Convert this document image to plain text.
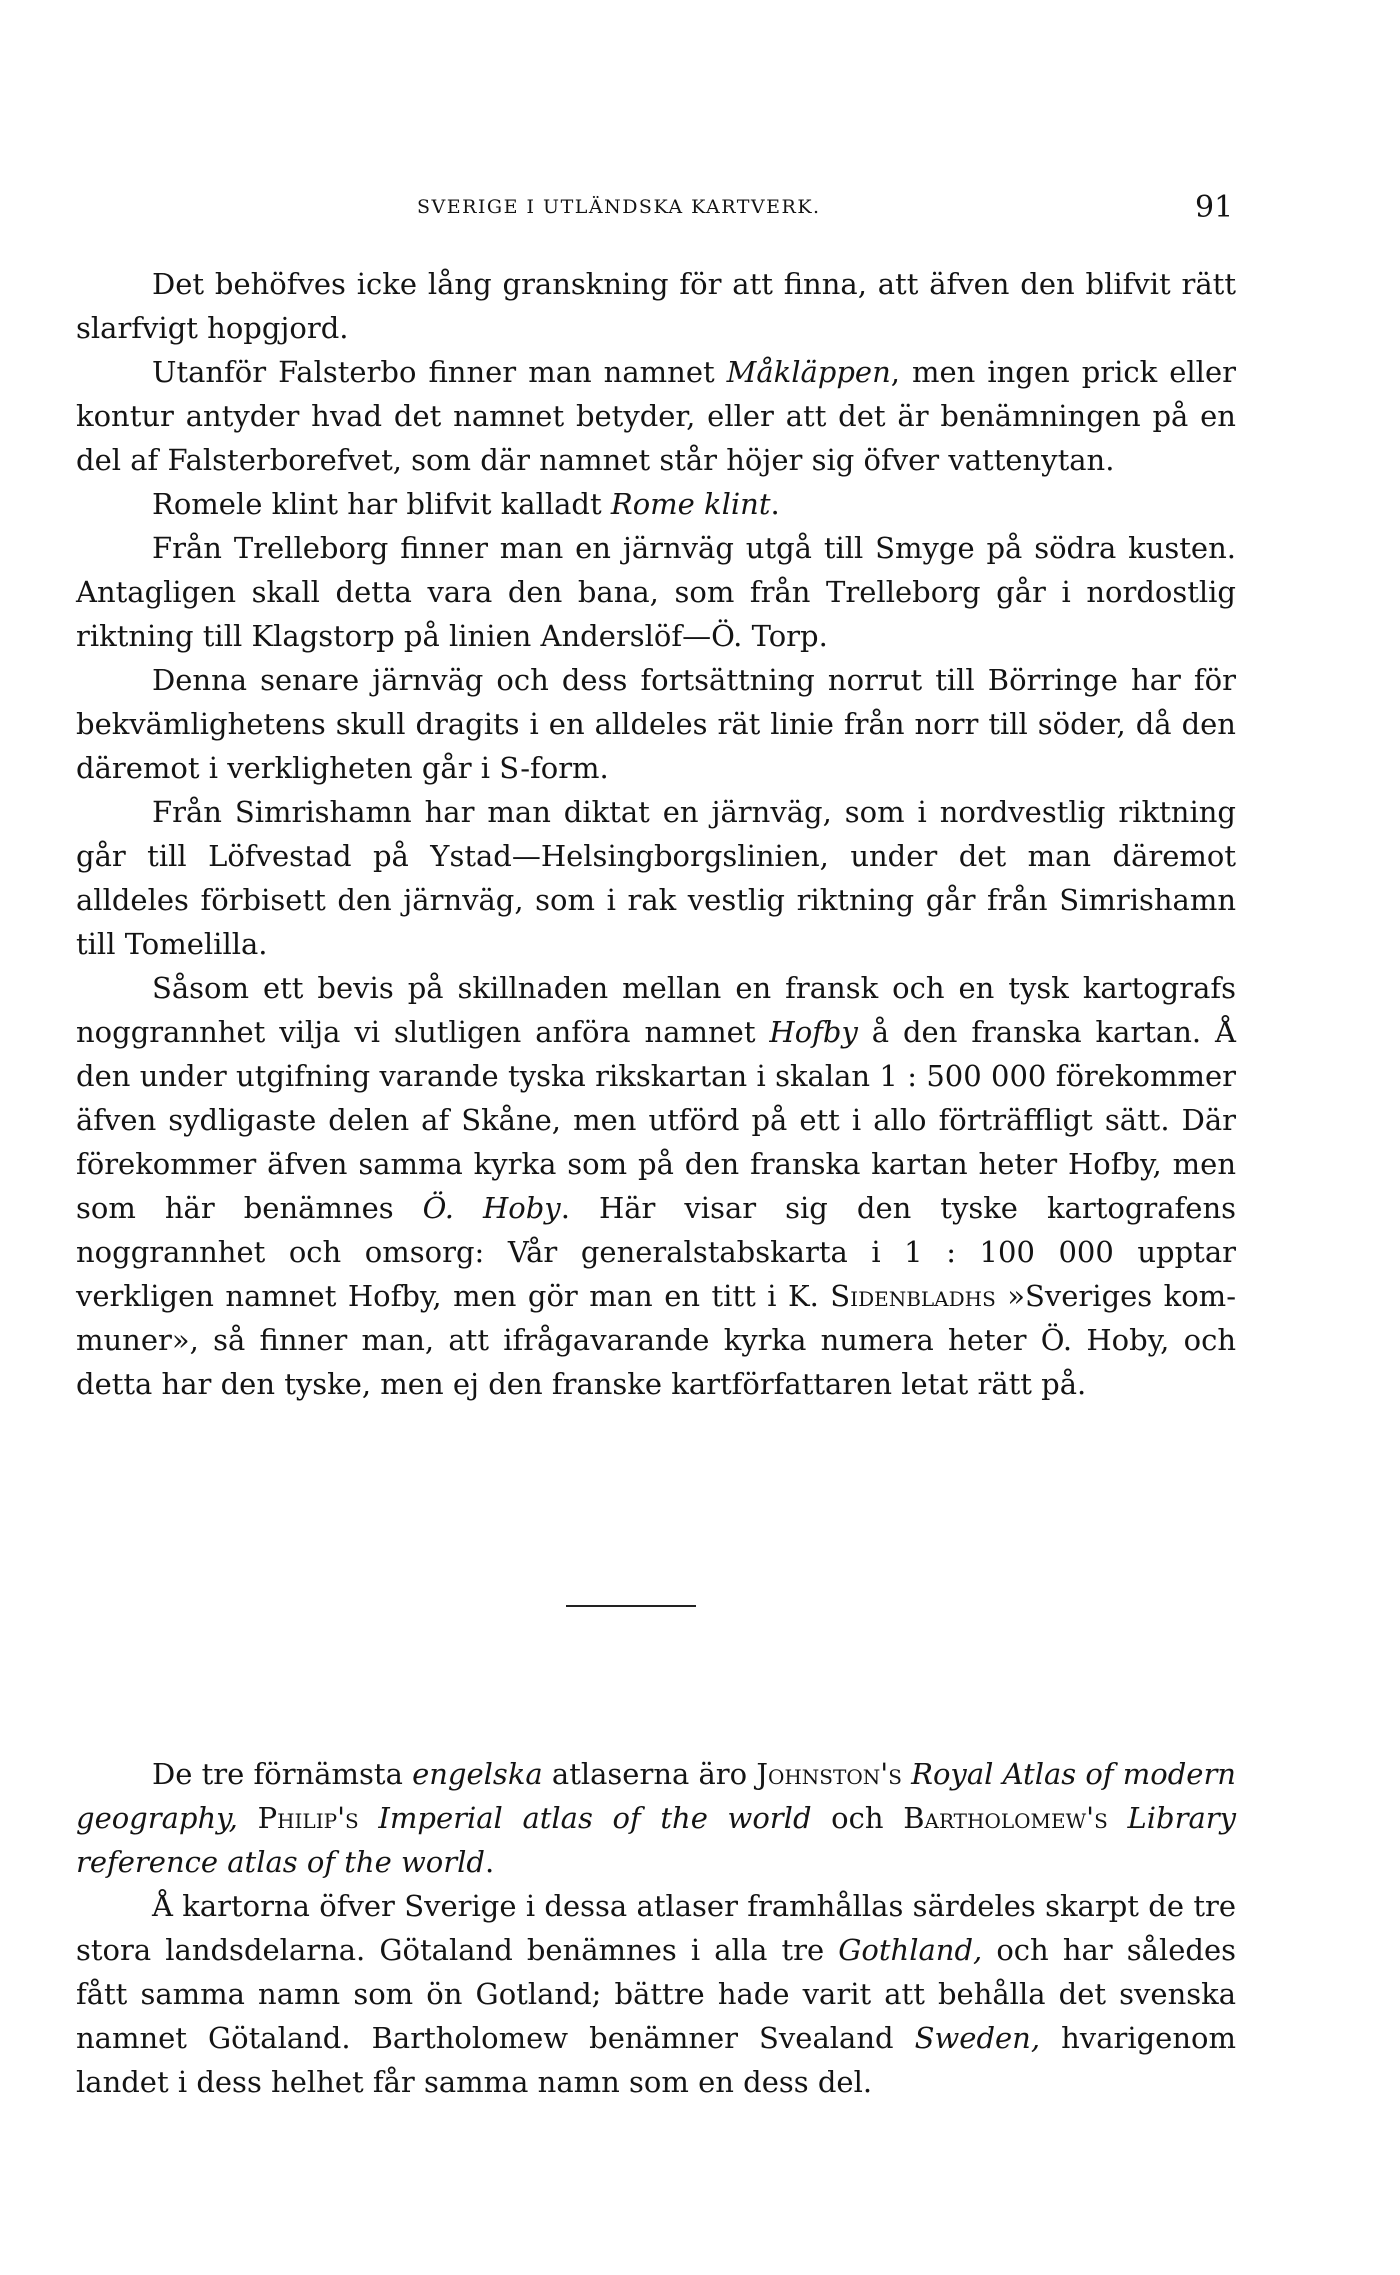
SVERIGE I UTLÄNDSKA KARTVERK.	91

Det behöfves icke lång granskning för att finna, att äfven den blifvit rätt slarfvigt hopgjord.

Utanför Falsterbo finner man namnet Måkläppen, men ingen prick eller kontur antyder hvad det namnet betyder, eller att det är benämningen på en del af Falsterborefvet, som där namnet står höjer sig öfver vattenytan.

Romele klint har blifvit kalladt Rome klint.

Från Trelleborg finner man en järnväg utgå till Smyge på södra kusten. Antagligen skall detta vara den bana, som från Trelleborg går i nordostlig riktning till Klagstorp på linien Anderslöf—Ö. Torp.

Denna senare järnväg och dess fortsättning norrut till Börringe har för bekvämlighetens skull dragits i en alldeles rät linie från norr till söder, då den däremot i verkligheten går i S-form.

Från Simrishamn har man diktat en järnväg, som i nordvestlig riktning går till Löfvestad på Ystad—Helsingborgslinien, under det man däremot alldeles förbisett den järnväg, som i rak vestlig riktning går från Simrishamn till Tomelilla.

Såsom ett bevis på skillnaden mellan en fransk och en tysk kartografs noggrannhet vilja vi slutligen anföra namnet Hofby å den franska kartan. Å den under utgifning varande tyska rikskartan i skalan 1 : 500 000 förekommer äfven sydligaste delen af Skåne, men utförd på ett i allo förträffligt sätt. Där förekommer äfven samma kyrka som på den franska kartan heter Hofby, men som här benämnes Ö. Hoby. Här visar sig den tyske kartografens noggrannhet och omsorg: Vår generalstabskarta i 1 : 100 000 upptar verkligen namnet Hofby, men gör man en titt i K. Sidenbladhs »Sveriges kommuner», så finner man, att ifrågavarande kyrka numera heter Ö. Hoby, och detta har den tyske, men ej den franske kartförfattaren letat rätt på.

De tre förnämsta engelska atlaserna äro Johnston's Royal Atlas of modern geography, Philip's Imperial atlas of the world och Bartholomew's Library reference atlas of the world.

Å kartorna öfver Sverige i dessa atlaser framhållas särdeles skarpt de tre stora landsdelarna. Götaland benämnes i alla tre Gothland, och har således fått samma namn som ön Gotland; bättre hade varit att behålla det svenska namnet Götaland. Bartholomew benämner Svealand Sweden, hvarigenom landet i dess helhet får samma namn som en dess del.
